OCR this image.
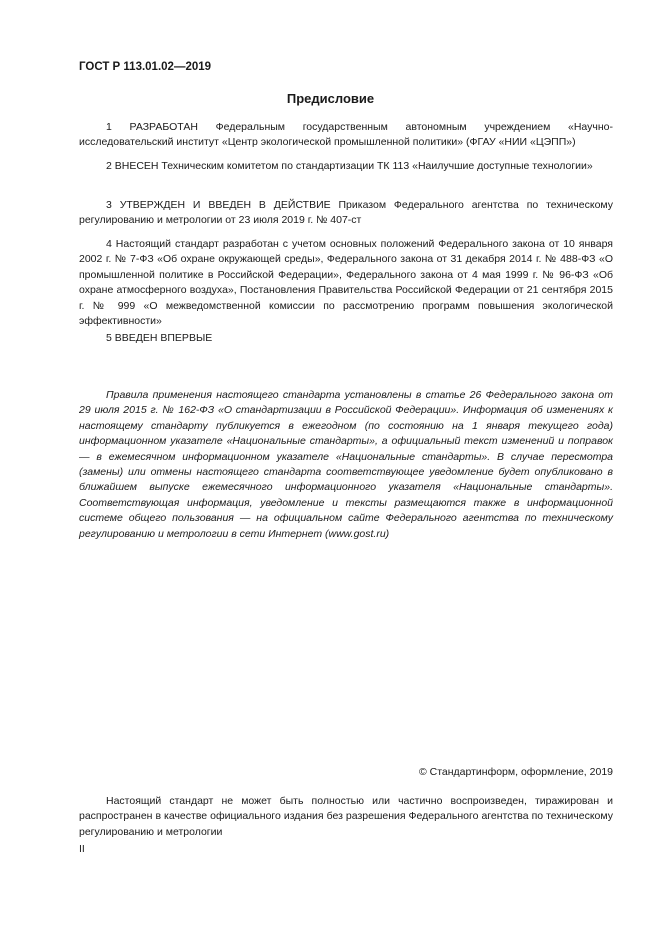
ГОСТ Р 113.01.02—2019
Предисловие

1 РАЗРАБОТАН Федеральным государственным автономным учреждением «Научно-исследовательский институт «Центр экологической промышленной политики» (ФГАУ «НИИ «ЦЭПП»)

2 ВНЕСЕН Техническим комитетом по стандартизации ТК 113 «Наилучшие доступные технологии»

3 УТВЕРЖДЕН И ВВЕДЕН В ДЕЙСТВИЕ Приказом Федерального агентства по техническому регулированию и метрологии от 23 июля 2019 г. № 407-ст

4 Настоящий стандарт разработан с учетом основных положений Федерального закона от 10 января 2002 г. № 7-ФЗ «Об охране окружающей среды», Федерального закона от 31 декабря 2014 г. № 488-ФЗ «О промышленной политике в Российской Федерации», Федерального закона от 4 мая 1999 г. № 96-ФЗ «Об охране атмосферного воздуха», Постановления Правительства Российской Федерации от 21 сентября 2015 г. № 999 «О межведомственной комиссии по рассмотрению программ повышения экологической эффективности»

5 ВВЕДЕН ВПЕРВЫЕ

Правила применения настоящего стандарта установлены в статье 26 Федерального закона от 29 июля 2015 г. № 162-ФЗ «О стандартизации в Российской Федерации». Информация об изменениях к настоящему стандарту публикуется в ежегодном (по состоянию на 1 января текущего года) информационном указателе «Национальные стандарты», а официальный текст изменений и поправок — в ежемесячном информационном указателе «Национальные стандарты». В случае пересмотра (замены) или отмены настоящего стандарта соответствующее уведомление будет опубликовано в ближайшем выпуске ежемесячного информационного указателя «Национальные стандарты». Соответствующая информация, уведомление и тексты размещаются также в информационной системе общего пользования — на официальном сайте Федерального агентства по техническому регулированию и метрологии в сети Интернет (www.gost.ru)

© Стандартинформ, оформление, 2019

Настоящий стандарт не может быть полностью или частично воспроизведен, тиражирован и распространен в качестве официального издания без разрешения Федерального агентства по техническому регулированию и метрологии

II
